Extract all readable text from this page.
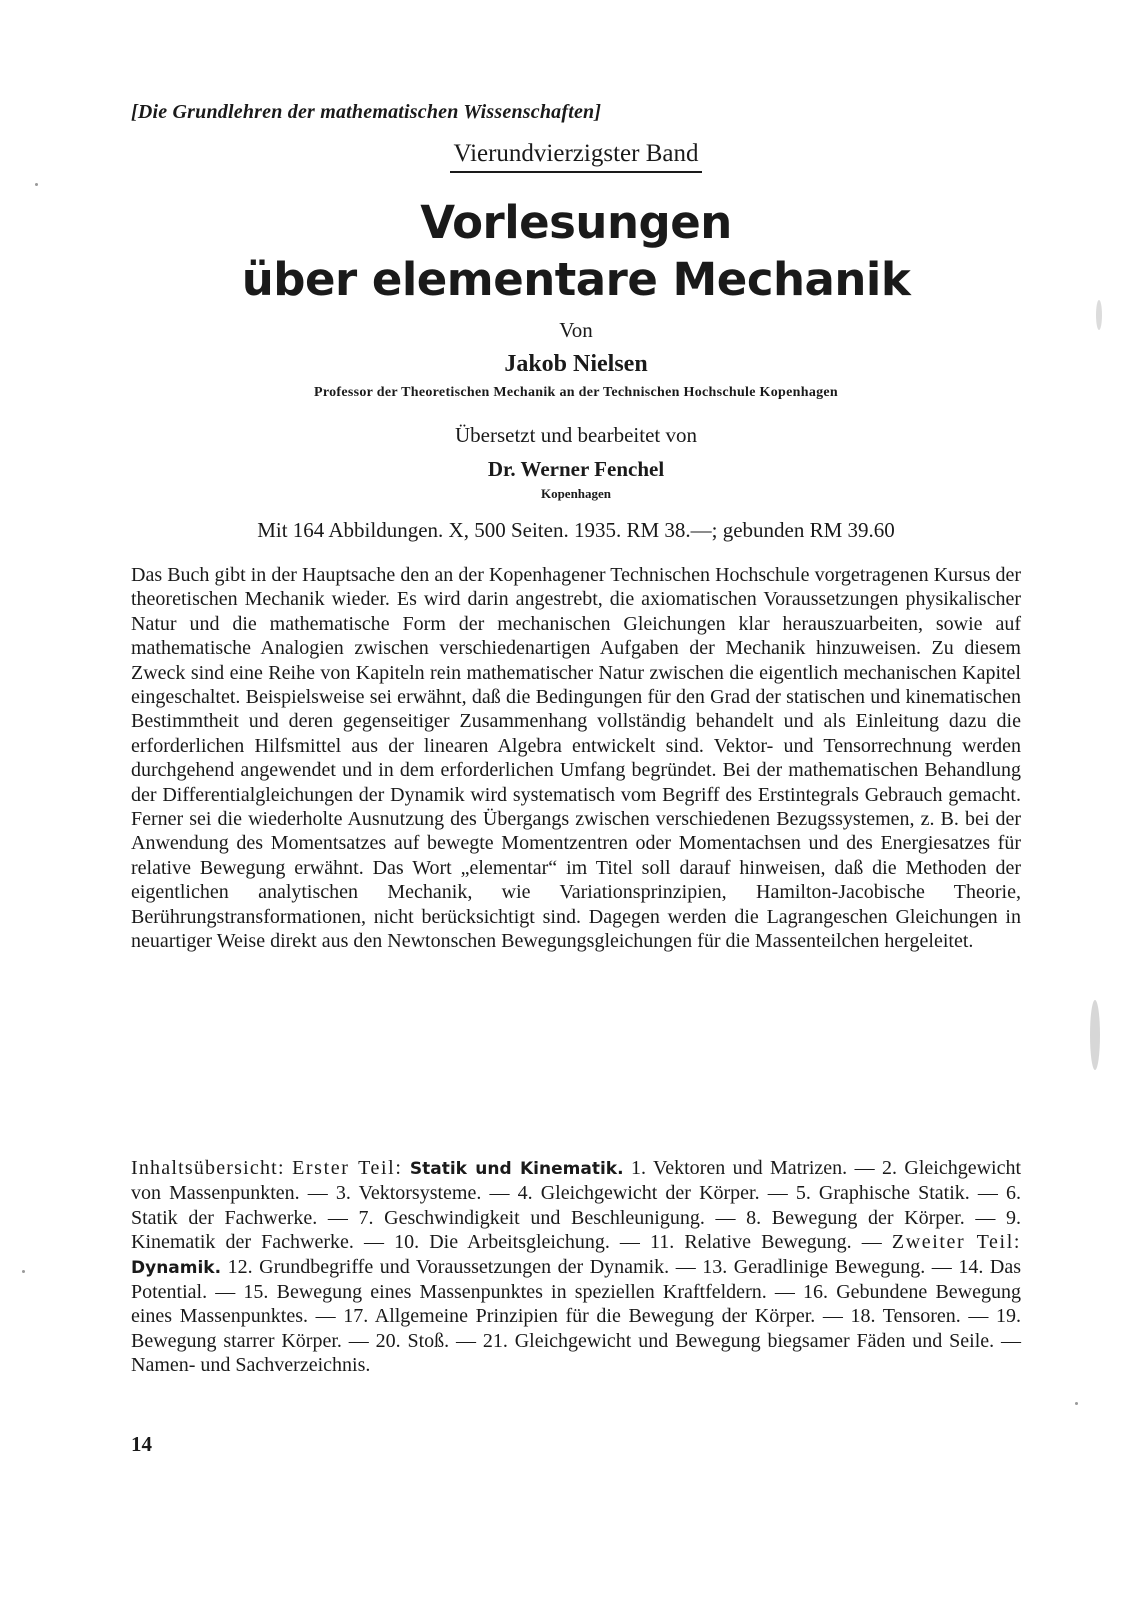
[Die Grundlehren der mathematischen Wissenschaften]
Vierundvierzigster Band
Vorlesungen
über elementare Mechanik
Von
Jakob Nielsen
Professor der Theoretischen Mechanik an der Technischen Hochschule Kopenhagen
Übersetzt und bearbeitet von
Dr. Werner Fenchel
Kopenhagen
Mit 164 Abbildungen. X, 500 Seiten. 1935. RM 38.—; gebunden RM 39.60

Das Buch gibt in der Hauptsache den an der Kopenhagener Technischen Hochschule vorgetragenen Kursus der theoretischen Mechanik wieder. Es wird darin angestrebt, die axiomatischen Voraussetzungen physikalischer Natur und die mathematische Form der mechanischen Gleichungen klar herauszuarbeiten, sowie auf mathematische Analogien zwischen verschiedenartigen Aufgaben der Mechanik hinzuweisen. Zu diesem Zweck sind eine Reihe von Kapiteln rein mathematischer Natur zwischen die eigentlich mechanischen Kapitel eingeschaltet. Beispielsweise sei erwähnt, daß die Bedingungen für den Grad der statischen und kinematischen Bestimmtheit und deren gegenseitiger Zusammenhang vollständig behandelt und als Einleitung dazu die erforderlichen Hilfsmittel aus der linearen Algebra entwickelt sind. Vektor- und Tensorrechnung werden durchgehend angewendet und in dem erforderlichen Umfang begründet. Bei der mathematischen Behandlung der Differentialgleichungen der Dynamik wird systematisch vom Begriff des Erstintegrals Gebrauch gemacht. Ferner sei die wiederholte Ausnutzung des Übergangs zwischen verschiedenen Bezugssystemen, z. B. bei der Anwendung des Momentsatzes auf bewegte Momentzentren oder Momentachsen und des Energiesatzes für relative Bewegung erwähnt. Das Wort „elementar“ im Titel soll darauf hinweisen, daß die Methoden der eigentlichen analytischen Mechanik, wie Variationsprinzipien, Hamilton-Jacobische Theorie, Berührungstransformationen, nicht berücksichtigt sind. Dagegen werden die Lagrangeschen Gleichungen in neuartiger Weise direkt aus den Newtonschen Bewegungsgleichungen für die Massenteilchen hergeleitet.

Inhaltsübersicht: Erster Teil: Statik und Kinematik. 1. Vektoren und Matrizen. — 2. Gleichgewicht von Massenpunkten. — 3. Vektorsysteme. — 4. Gleichgewicht der Körper. — 5. Graphische Statik. — 6. Statik der Fachwerke. — 7. Geschwindigkeit und Beschleunigung. — 8. Bewegung der Körper. — 9. Kinematik der Fachwerke. — 10. Die Arbeitsgleichung. — 11. Relative Bewegung. — Zweiter Teil: Dynamik. 12. Grundbegriffe und Voraussetzungen der Dynamik. — 13. Geradlinige Bewegung. — 14. Das Potential. — 15. Bewegung eines Massenpunktes in speziellen Kraftfeldern. — 16. Gebundene Bewegung eines Massenpunktes. — 17. Allgemeine Prinzipien für die Bewegung der Körper. — 18. Tensoren. — 19. Bewegung starrer Körper. — 20. Stoß. — 21. Gleichgewicht und Bewegung biegsamer Fäden und Seile. — Namen- und Sachverzeichnis.

14
